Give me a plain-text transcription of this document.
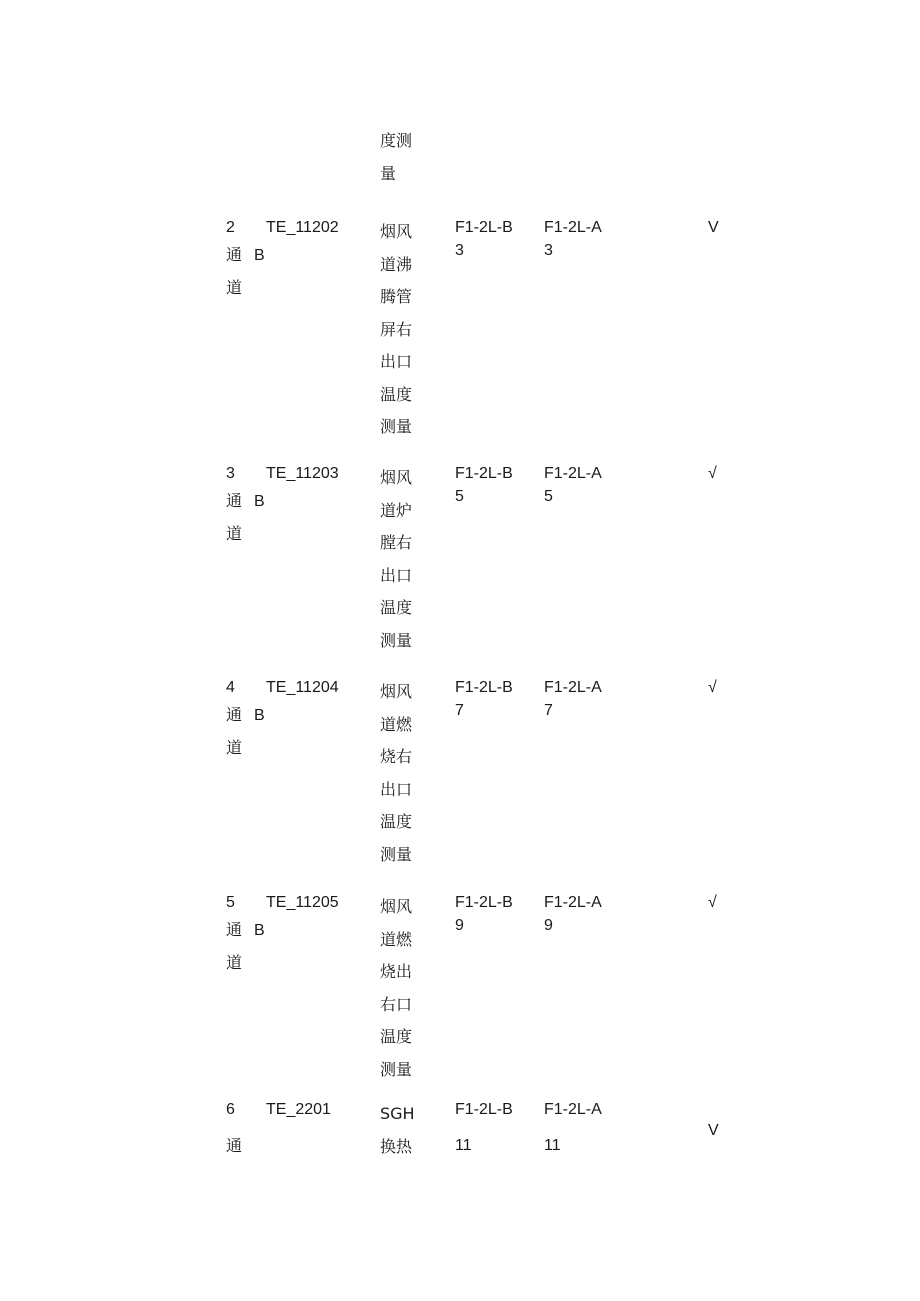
度测
量
2
通
道
TE_11202
B
烟风
道沸
腾管
屏右
出口
温度
测量
F1-2L-B
3
F1-2L-A
3
V
3
通
道
TE_11203
B
烟风
道炉
膛右
出口
温度
测量
F1-2L-B
5
F1-2L-A
5
√
4
通
道
TE_11204
B
烟风
道燃
烧右
出口
温度
测量
F1-2L-B
7
F1-2L-A
7
√
5
通
道
TE_11205
B
烟风
道燃
烧出
右口
温度
测量
F1-2L-B
9
F1-2L-A
9
√
6
通
TE_2201	SGH
换热
F1-2L-B
11
F1-2L-A
11
V
